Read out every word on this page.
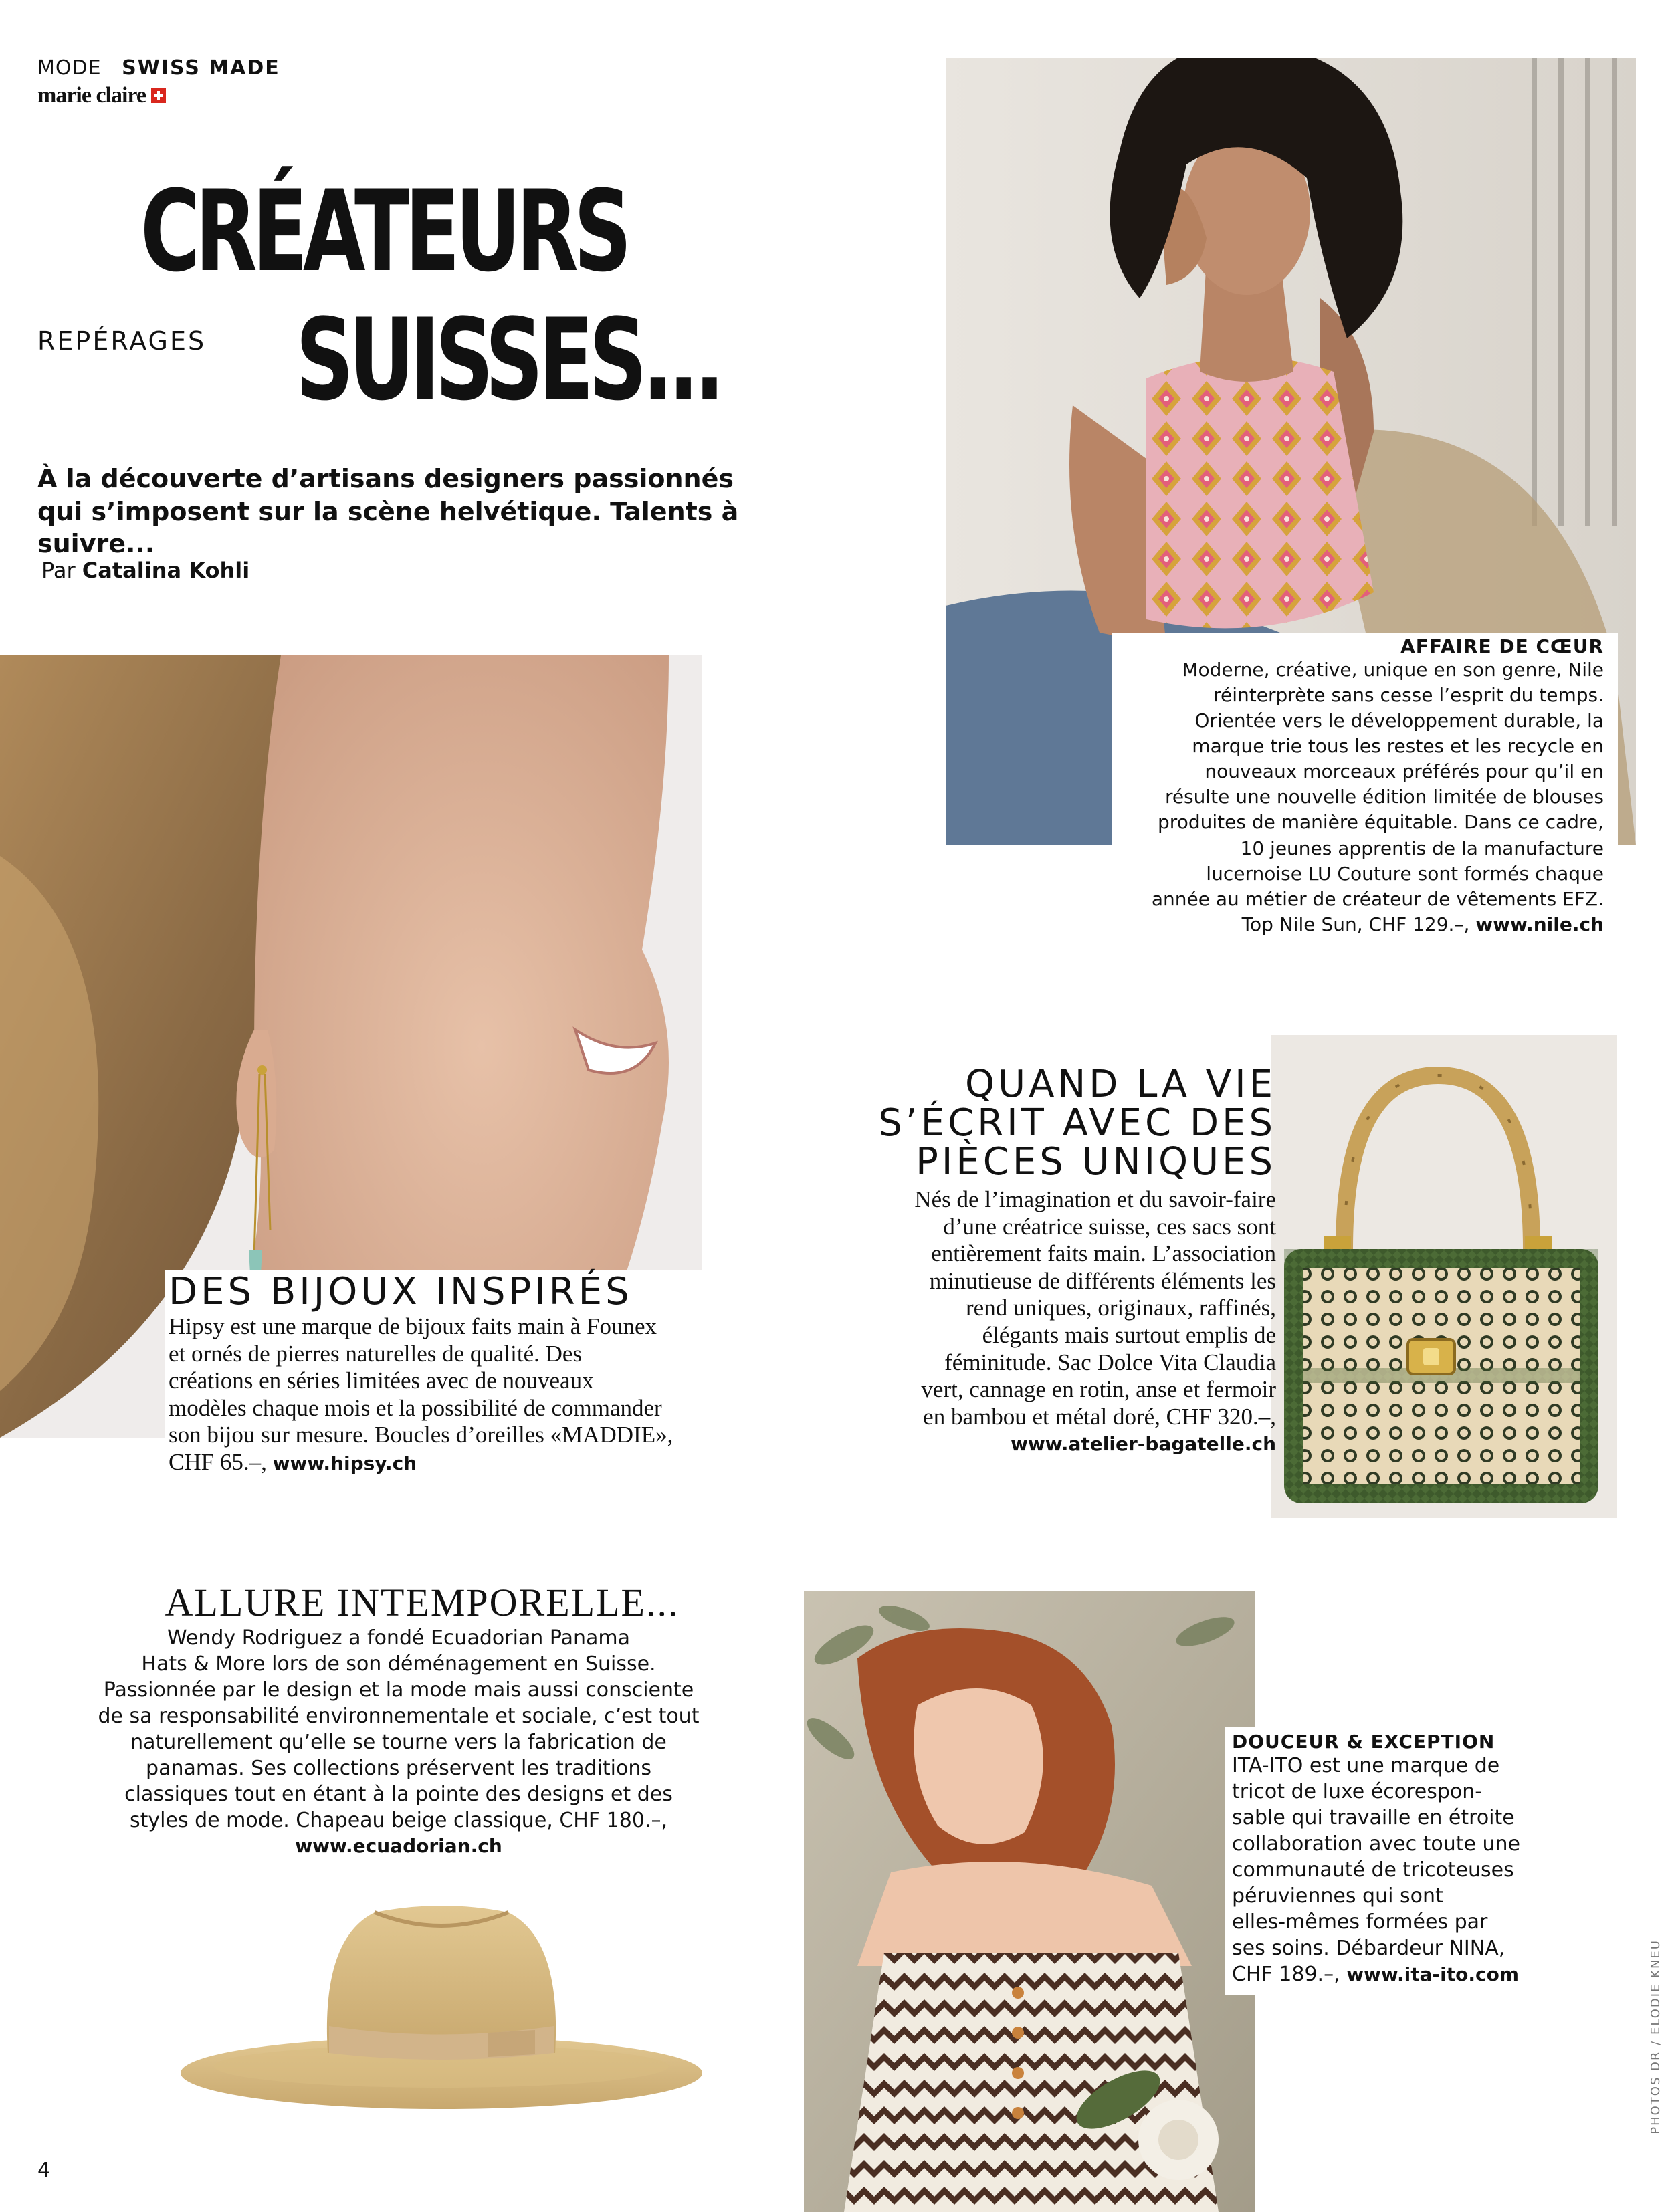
MODE SWISS MADE
marie claire
CRÉATEURS
REPÉRAGES SUISSES...
À la découverte d’artisans designers passionnés qui s’imposent sur la scène helvétique. Talents à suivre...
Par Catalina Kohli
AFFAIRE DE CŒUR
Moderne, créative, unique en son genre, Nile
réinterprète sans cesse l’esprit du temps.
Orientée vers le développement durable, la
marque trie tous les restes et les recycle en
nouveaux morceaux préférés pour qu’il en
résulte une nouvelle édition limitée de blouses
produites de manière équitable. Dans ce cadre,
10 jeunes apprentis de la manufacture
lucernoise LU Couture sont formés chaque
année au métier de créateur de vêtements EFZ.
Top Nile Sun, CHF 129.–, www.nile.ch
DES BIJOUX INSPIRÉS
Hipsy est une marque de bijoux faits main à Founex
et ornés de pierres naturelles de qualité. Des
créations en séries limitées avec de nouveaux
modèles chaque mois et la possibilité de commander
son bijou sur mesure. Boucles d’oreilles «MADDIE»,
CHF 65.–, www.hipsy.ch
QUAND LA VIE
S’ÉCRIT AVEC DES
PIÈCES UNIQUES
Nés de l’imagination et du savoir-faire
d’une créatrice suisse, ces sacs sont
entièrement faits main. L’association
minutieuse de différents éléments les
rend uniques, originaux, raffinés,
élégants mais surtout emplis de
féminitude. Sac Dolce Vita Claudia
vert, cannage en rotin, anse et fermoir
en bambou et métal doré, CHF 320.–,
www.atelier-bagatelle.ch
ALLURE INTEMPORELLE...
Wendy Rodriguez a fondé Ecuadorian Panama
Hats & More lors de son déménagement en Suisse.
Passionnée par le design et la mode mais aussi consciente
de sa responsabilité environnementale et sociale, c’est tout
naturellement qu’elle se tourne vers la fabrication de
panamas. Ses collections préservent les traditions
classiques tout en étant à la pointe des designs et des
styles de mode. Chapeau beige classique, CHF 180.–,
www.ecuadorian.ch
DOUCEUR & EXCEPTION
ITA-ITO est une marque de
tricot de luxe écorespon-
sable qui travaille en étroite
collaboration avec toute une
communauté de tricoteuses
péruviennes qui sont
elles-mêmes formées par
ses soins. Débardeur NINA,
CHF 189.–, www.ita-ito.com
4
PHOTOS DR / ELODIE KNEU
